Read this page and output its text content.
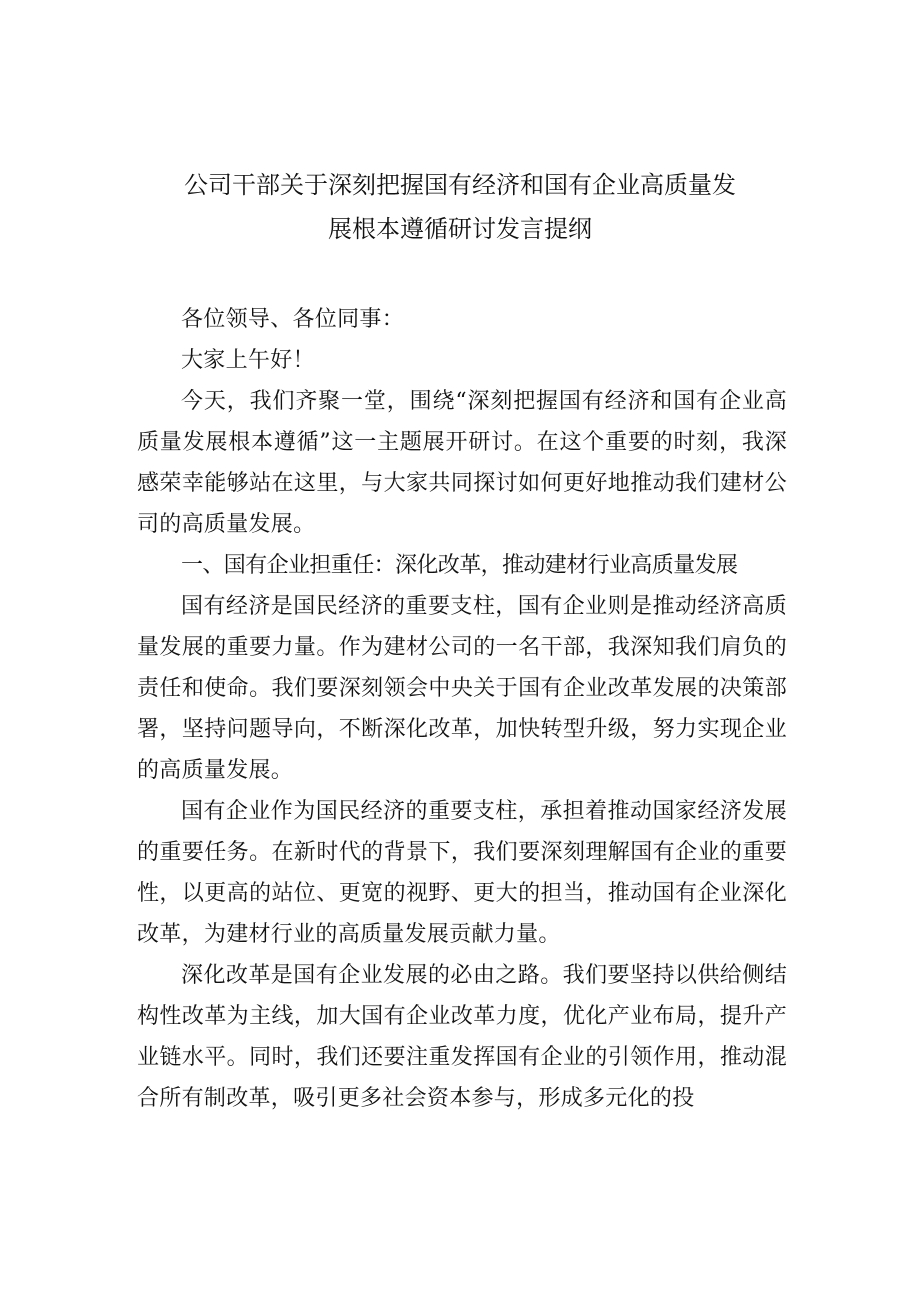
公司干部关于深刻把握国有经济和国有企业高质量发
展根本遵循研讨发言提纲

各位领导、各位同事：

大家上午好！

今天，我们齐聚一堂，围绕“深刻把握国有经济和国有企业高质量发展根本遵循”这一主题展开研讨。在这个重要的时刻，我深感荣幸能够站在这里，与大家共同探讨如何更好地推动我们建材公司的高质量发展。

一、国有企业担重任：深化改革，推动建材行业高质量发展

国有经济是国民经济的重要支柱，国有企业则是推动经济高质量发展的重要力量。作为建材公司的一名干部，我深知我们肩负的责任和使命。我们要深刻领会中央关于国有企业改革发展的决策部署，坚持问题导向，不断深化改革，加快转型升级，努力实现企业的高质量发展。

国有企业作为国民经济的重要支柱，承担着推动国家经济发展的重要任务。在新时代的背景下，我们要深刻理解国有企业的重要性，以更高的站位、更宽的视野、更大的担当，推动国有企业深化改革，为建材行业的高质量发展贡献力量。

深化改革是国有企业发展的必由之路。我们要坚持以供给侧结构性改革为主线，加大国有企业改革力度，优化产业布局，提升产业链水平。同时，我们还要注重发挥国有企业的引领作用，推动混合所有制改革，吸引更多社会资本参与，形成多元化的投
